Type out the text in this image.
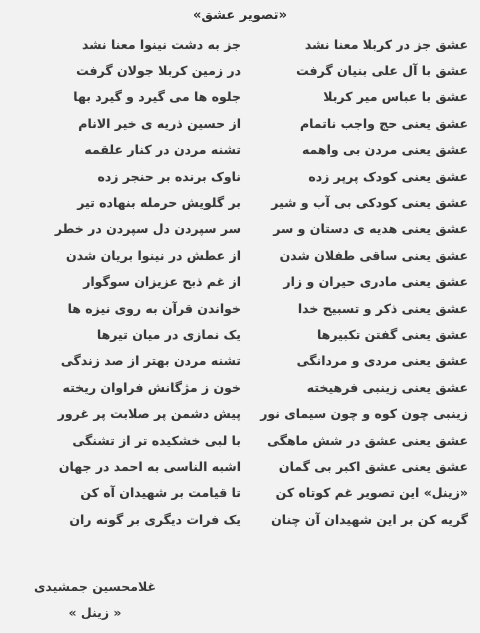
«تصویر عشق»
عشق جز در کربلا معنا نشد
جز به دشت نینوا معنا نشد
عشق با آل علی بنیان گرفت
در زمین کربلا جولان گرفت
عشق با عباس میر کربلا
جلوه ها می گیرد و گیرد بها
عشق یعنی حج واجب ناتمام
از حسین ذریه ی خیر الانام
عشق یعنی مردن بی واهمه
تشنه مردن در کنار علقمه
عشق یعنی کودک پرپر زده
ناوک برنده بر حنجر زده
عشق یعنی کودکی بی آب و شیر
بر گلویش حرمله بنهاده تیر
عشق یعنی هدیه ی دستان و سر
سر سپردن دل سپردن در خطر
عشق یعنی ساقی طفلان شدن
از عطش در نینوا بریان شدن
عشق یعنی مادری حیران و زار
از غم ذبح عزیزان سوگوار
عشق یعنی ذکر و تسبیح خدا
خواندن قرآن به روی نیزه ها
عشق یعنی گفتن تکبیرها
یک نمازی در میان تیرها
عشق یعنی مردی و مردانگی
تشنه مردن بهتر از صد زندگی
عشق یعنی زینبی فرهیخته
خون ز مژگانش فراوان ریخته
زینبی چون کوه و چون سیمای نور
پیش دشمن پر صلابت پر غرور
عشق یعنی عشق در شش ماهگی
با لبی خشکیده تر از تشنگی
عشق یعنی عشق اکبر بی گمان
اشبه الناسی به احمد در جهان
«زینل» این تصویر غم کوتاه کن
تا قیامت بر شهیدان آه کن
گریه کن بر این شهیدان آن چنان
یک فرات دیگری بر گونه ران
غلامحسین جمشیدی
« زینل »
